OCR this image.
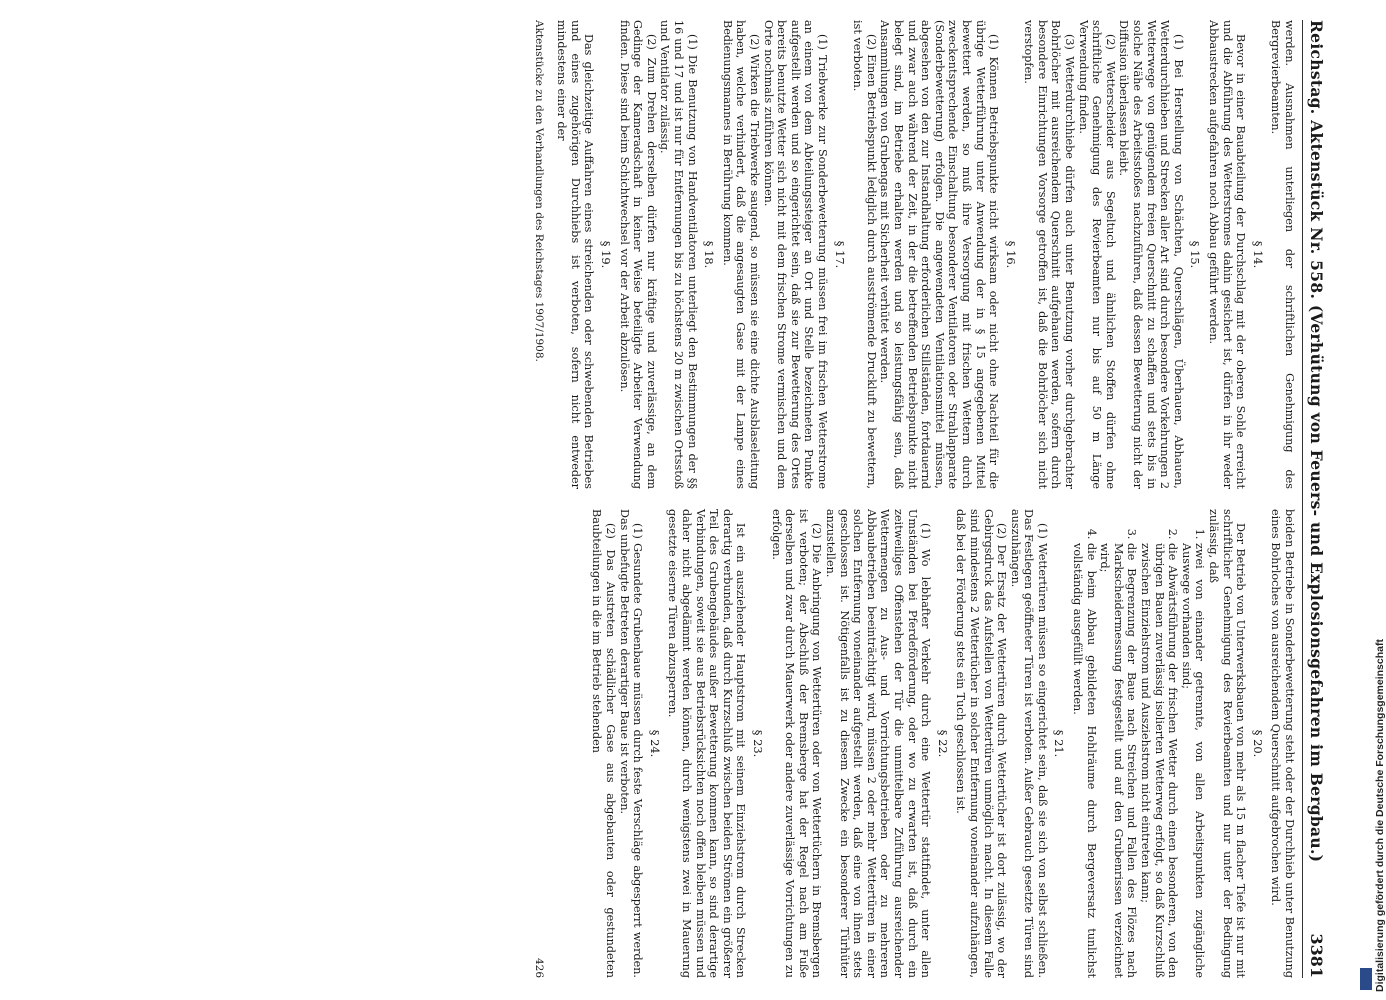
Reichstag. Aktenstück Nr. 558. (Verhütung von Feuers- und Explosionsgefahren im Bergbau.)
3381

werden. Ausnahmen unterliegen der schriftlichen Genehmigung des Bergrevierbeamten.

§ 14.

Bevor in einer Bauabteilung der Durchschlag mit der oberen Sohle erreicht und die Abführung des Wetterstromes dahin gesichert ist, dürfen in ihr weder Abbaustrecken aufgefahren noch Abbau geführt werden.

§ 15.

(1) Bei Herstellung von Schächten, Querschlägen, Überhauen, Abhauen, Wetterdurchhieben und Strecken aller Art sind durch besondere Vorkehrungen 2 Wetterwege von genügendem freien Querschnitt zu schaffen und stets bis in solche Nähe des Arbeitsstoßes nachzuführen, daß dessen Bewetterung nicht der Diffusion überlassen bleibt.

(2) Wetterscheider aus Segeltuch und ähnlichen Stoffen dürfen ohne schriftliche Genehmigung des Revierbeamten nur bis auf 50 m Länge Verwendung finden.

(3) Wetterdurchhiebe dürfen auch unter Benutzung vorher durchgebrachter Bohrlöcher mit ausreichendem Querschnitt aufgehauen werden, sofern durch besondere Einrichtungen Vorsorge getroffen ist, daß die Bohrlöcher sich nicht verstopfen.

§ 16.

(1) Können Betriebspunkte nicht wirksam oder nicht ohne Nachteil für die übrige Wetterführung unter Anwendung der in § 15 angegebenen Mittel bewettert werden, so muß ihre Versorgung mit frischen Wettern durch zweckentsprechende Einschaltung besonderer Ventilatoren oder Strahlapparate (Sonderbewetterung) erfolgen. Die angewendeten Ventilationsmittel müssen, abgesehen von den zur Instandhaltung erforderlichen Stillständen, fortdauernd und zwar auch während der Zeit, in der die betreffenden Betriebspunkte nicht belegt sind, im Betriebe erhalten werden und so leistungsfähig sein, daß Ansammlungen von Grubengas mit Sicherheit verhütet werden.

(2) Einen Betriebspunkt lediglich durch ausströmende Druckluft zu bewettern, ist verboten.

§ 17.

(1) Triebwerke zur Sonderbewetterung müssen frei im frischen Wetterstrome an einem von dem Abteilungssteiger an Ort und Stelle bezeichneten Punkte aufgestellt werden und so eingerichtet sein, daß sie zur Bewetterung des Ortes bereits benutzte Wetter sich nicht mit dem frischen Strome vermischen und dem Orte nochmals zuführen können.

(2) Wirken die Triebwerke saugend, so müssen sie eine dichte Ausblaseleitung haben, welche verhindert, daß die angesaugten Gase mit der Lampe eines Bedienungsmannes in Berührung kommen.

§ 18.

(1) Die Benutzung von Handventilatoren unterliegt den Bestimmungen der §§ 16 und 17 und ist nur für Entfernungen bis zu höchstens 20 m zwischen Ortsstoß und Ventilator zulässig.

(2) Zum Drehen derselben dürfen nur kräftige und zuverlässige, an dem Gedinge der Kameradschaft in keiner Weise beteiligte Arbeiter Verwendung finden. Diese sind beim Schichtwechsel vor der Arbeit abzulösen.

§ 19.

Das gleichzeitige Auffahren eines streichenden oder schwebenden Betriebes und eines zugehörigen Durchhiebs ist verboten, sofern nicht entweder mindestens einer der

beiden Betriebe in Sonderbewetterung steht oder der Durchhieb unter Benutzung eines Bohrloches von ausreichendem Querschnitt aufgebrochen wird.

§ 20.

Der Betrieb von Unterwerksbauen von mehr als 15 m flacher Tiefe ist nur mit schriftlicher Genehmigung des Revierbeamten und nur unter der Bedingung zulässig, daß

1. zwei von einander getrennte, von allen Arbeitspunkten zugängliche Auswege vorhanden sind;
2. die Abwärtsführung der frischen Wetter durch einen besonderen, von den übrigen Bauen zuverlässig isolierten Wetterweg erfolgt, so daß Kurzschluß zwischen Einziehstrom und Ausziehstrom nicht eintreten kann;
3. die Begrenzung der Baue nach Streichen und Fallen des Flözes nach Markscheidermessung festgestellt und auf den Grubenrissen verzeichnet wird;
4. die beim Abbau gebildeten Hohlräume durch Bergeversatz tunlichst vollständig ausgefüllt werden.
§ 21.

(1) Wettertüren müssen so eingerichtet sein, daß sie sich von selbst schließen. Das Festlegen geöffneter Türen ist verboten. Außer Gebrauch gesetzte Türen sind auszuhängen.

(2) Der Ersatz der Wettertüren durch Wettertücher ist dort zulässig, wo der Gebirgsdruck das Aufstellen von Wettertüren unmöglich macht. In diesem Falle sind mindestens 2 Wettertücher in solcher Entfernung voneinander aufzuhängen, daß bei der Förderung stets ein Tuch geschlossen ist.

§ 22.

(1) Wo lebhafter Verkehr durch eine Wettertür stattfindet, unter allen Umständen bei Pferdeförderung, oder wo zu erwarten ist, daß durch ein zeitweiliges Offenstehen der Tür die unmittelbare Zuführung ausreichender Wettermengen zu Aus- und Vorrichtungsbetrieben oder zu mehreren Abbaubetrieben beeinträchtigt wird, müssen 2 oder mehr Wettertüren in einer solchen Entfernung voneinander aufgestellt werden, daß eine von ihnen stets geschlossen ist. Nötigenfalls ist zu diesem Zwecke ein besonderer Türhüter anzustellen.

(2) Die Anbringung von Wettertüren oder von Wettertüchern in Bremsbergen ist verboten; der Abschluß der Bremsberge hat der Regel nach am Fuße derselben und zwar durch Mauerwerk oder andere zuverlässige Vorrichtungen zu erfolgen.

§ 23.

Ist ein ausziehender Hauptstrom mit seinem Einziehstrom durch Strecken derartig verbunden, daß durch Kurzschluß zwischen beiden Strömen ein größerer Teil des Grubengebäudes außer Bewetterung kommen kann, so sind derartige Verbindungen, soweit sie aus Betriebsrücksichten noch offen bleiben müssen und daher nicht abgedämmt werden können, durch wenigstens zwei in Mauerung gesetzte eiserne Türen abzusperren.

§ 24.

(1) Gesundete Grubenbaue müssen durch feste Verschläge abgesperrt werden. Das unbefugte Betreten derartiger Baue ist verboten.

(2) Das Austreten schädlicher Gase aus abgebauten oder gestundeten Baubteilungen in die im Betrieb stehenden

Aktenstücke zu den Verhandlungen des Reichstages 1907/1908.
426	Digitalisierung gefördert durch die Deutsche Forschungsgemeinschaft
